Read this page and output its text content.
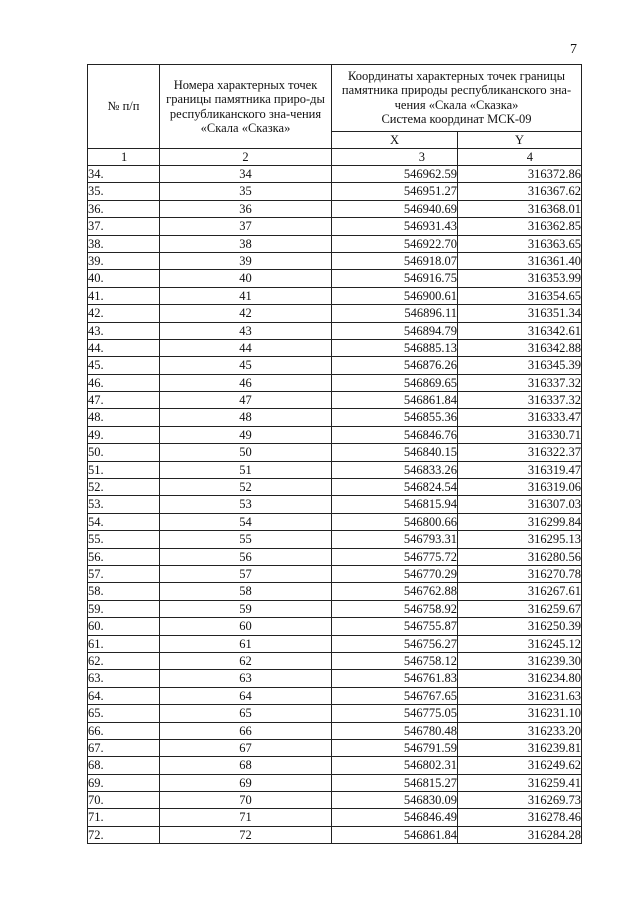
7
№ п/п	Номера характерных точек границы памятника приро-ды республиканского зна-чения «Скала «Сказка»	Координаты характерных точек границы памятника природы республиканского зна-чения «Скала «Сказка»
Система координат МСК-09	

		X	Y
1	2	3	4
34.	34	546962.59	316372.86
35.	35	546951.27	316367.62
36.	36	546940.69	316368.01
37.	37	546931.43	316362.85
38.	38	546922.70	316363.65
39.	39	546918.07	316361.40
40.	40	546916.75	316353.99
41.	41	546900.61	316354.65
42.	42	546896.11	316351.34
43.	43	546894.79	316342.61
44.	44	546885.13	316342.88
45.	45	546876.26	316345.39
46.	46	546869.65	316337.32
47.	47	546861.84	316337.32
48.	48	546855.36	316333.47
49.	49	546846.76	316330.71
50.	50	546840.15	316322.37
51.	51	546833.26	316319.47
52.	52	546824.54	316319.06
53.	53	546815.94	316307.03
54.	54	546800.66	316299.84
55.	55	546793.31	316295.13
56.	56	546775.72	316280.56
57.	57	546770.29	316270.78
58.	58	546762.88	316267.61
59.	59	546758.92	316259.67
60.	60	546755.87	316250.39
61.	61	546756.27	316245.12
62.	62	546758.12	316239.30
63.	63	546761.83	316234.80
64.	64	546767.65	316231.63
65.	65	546775.05	316231.10
66.	66	546780.48	316233.20
67.	67	546791.59	316239.81
68.	68	546802.31	316249.62
69.	69	546815.27	316259.41
70.	70	546830.09	316269.73
71.	71	546846.49	316278.46
72.	72	546861.84	316284.28
